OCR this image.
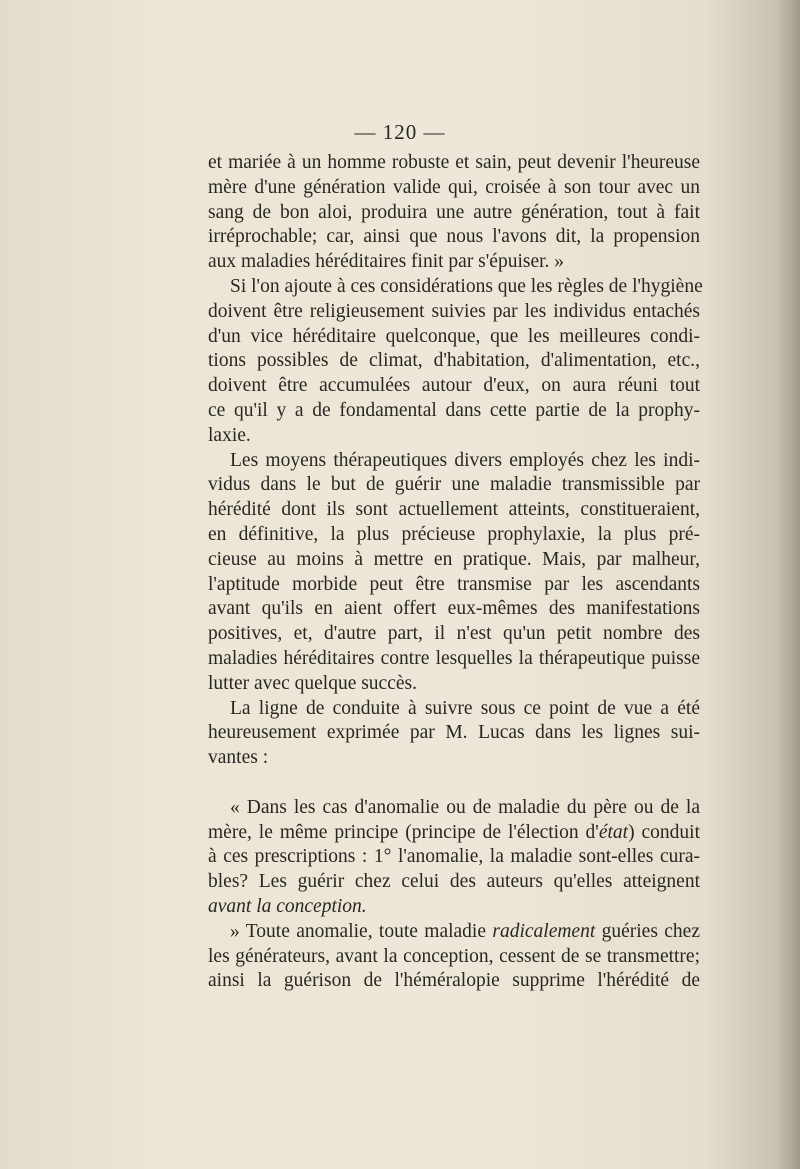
— 120 —
et mariée à un homme robuste et sain, peut devenir l'heureuse
mère d'une génération valide qui, croisée à son tour avec un
sang de bon aloi, produira une autre génération, tout à fait
irréprochable; car, ainsi que nous l'avons dit, la propension
aux maladies héréditaires finit par s'épuiser. »
Si l'on ajoute à ces considérations que les règles de l'hygiène
doivent être religieusement suivies par les individus entachés
d'un vice héréditaire quelconque, que les meilleures condi-
tions possibles de climat, d'habitation, d'alimentation, etc.,
doivent être accumulées autour d'eux, on aura réuni tout
ce qu'il y a de fondamental dans cette partie de la prophy-
laxie.
Les moyens thérapeutiques divers employés chez les indi-
vidus dans le but de guérir une maladie transmissible par
hérédité dont ils sont actuellement atteints, constitueraient,
en définitive, la plus précieuse prophylaxie, la plus pré-
cieuse au moins à mettre en pratique. Mais, par malheur,
l'aptitude morbide peut être transmise par les ascendants
avant qu'ils en aient offert eux-mêmes des manifestations
positives, et, d'autre part, il n'est qu'un petit nombre des
maladies héréditaires contre lesquelles la thérapeutique puisse
lutter avec quelque succès.
La ligne de conduite à suivre sous ce point de vue a été
heureusement exprimée par M. Lucas dans les lignes sui-
vantes :
« Dans les cas d'anomalie ou de maladie du père ou de la
mère, le même principe (principe de l'élection d'état) conduit
à ces prescriptions : 1° l'anomalie, la maladie sont-elles cura-
bles? Les guérir chez celui des auteurs qu'elles atteignent
avant la conception.
» Toute anomalie, toute maladie radicalement guéries chez
les générateurs, avant la conception, cessent de se transmettre;
ainsi la guérison de l'héméralopie supprime l'hérédité de
